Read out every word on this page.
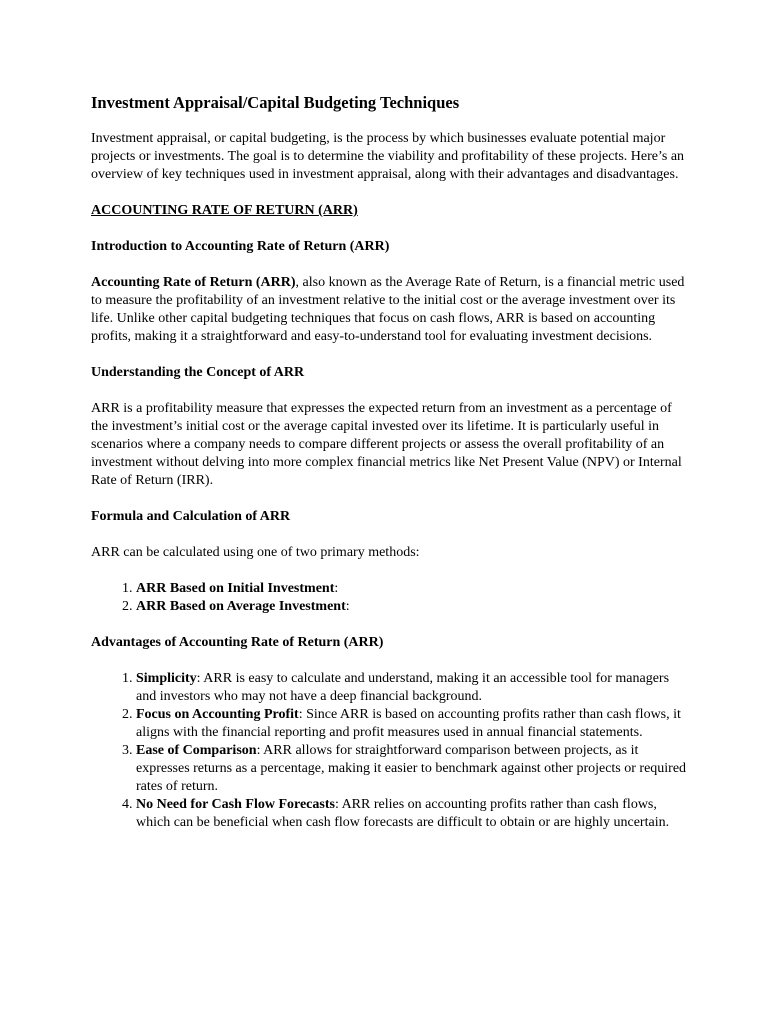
Investment Appraisal/Capital Budgeting Techniques

Investment appraisal, or capital budgeting, is the process by which businesses evaluate potential major projects or investments. The goal is to determine the viability and profitability of these projects. Here’s an overview of key techniques used in investment appraisal, along with their advantages and disadvantages.

ACCOUNTING RATE OF RETURN (ARR)
Introduction to Accounting Rate of Return (ARR)

Accounting Rate of Return (ARR), also known as the Average Rate of Return, is a financial metric used to measure the profitability of an investment relative to the initial cost or the average investment over its life. Unlike other capital budgeting techniques that focus on cash flows, ARR is based on accounting profits, making it a straightforward and easy-to-understand tool for evaluating investment decisions.

Understanding the Concept of ARR

ARR is a profitability measure that expresses the expected return from an investment as a percentage of the investment’s initial cost or the average capital invested over its lifetime. It is particularly useful in scenarios where a company needs to compare different projects or assess the overall profitability of an investment without delving into more complex financial metrics like Net Present Value (NPV) or Internal Rate of Return (IRR).

Formula and Calculation of ARR

ARR can be calculated using one of two primary methods:

1. ARR Based on Initial Investment:
2. ARR Based on Average Investment:
Advantages of Accounting Rate of Return (ARR)
1. Simplicity: ARR is easy to calculate and understand, making it an accessible tool for managers and investors who may not have a deep financial background.
2. Focus on Accounting Profit: Since ARR is based on accounting profits rather than cash flows, it aligns with the financial reporting and profit measures used in annual financial statements.
3. Ease of Comparison: ARR allows for straightforward comparison between projects, as it expresses returns as a percentage, making it easier to benchmark against other projects or required rates of return.
4. No Need for Cash Flow Forecasts: ARR relies on accounting profits rather than cash flows, which can be beneficial when cash flow forecasts are difficult to obtain or are highly uncertain.
